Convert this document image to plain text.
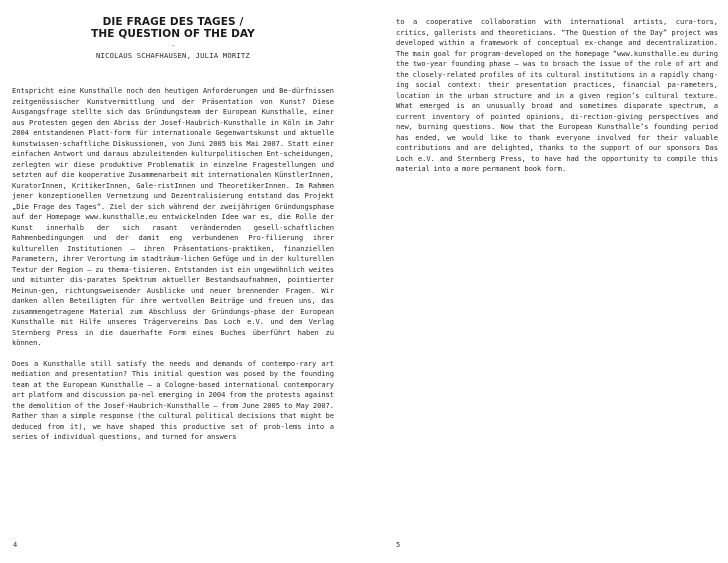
DIE FRAGE DES TAGES /
THE QUESTION OF THE DAY
-
NICOLAUS SCHAFHAUSEN, JULIA MORITZ

Entspricht eine Kunsthalle noch den heutigen Anforderungen und Be-dürfnissen zeitgenössischer Kunstvermittlung und der Präsentation von Kunst? Diese Ausgangsfrage stellte sich das Gründungsteam der European Kunsthalle, einer aus Protesten gegen den Abriss der Josef-Haubrich-Kunsthalle in Köln im Jahr 2004 entstandenen Platt-form für internationale Gegenwartskunst und aktuelle kunstwissen-schaftliche Diskussionen, von Juni 2005 bis Mai 2007. Statt einer einfachen Antwort und daraus abzuleitenden kulturpolitischen Ent-scheidungen, zerlegten wir diese produktive Problematik in einzelne Fragestellungen und setzten auf die kooperative Zusammenarbeit mit internationalen KünstlerInnen, KuratorInnen, KritikerInnen, Gale-ristInnen und TheoretikerInnen. Im Rahmen jener konzeptionellen Vernetzung und Dezentralisierung entstand das Projekt „Die Frage des Tages“. Ziel der sich während der zweijährigen Gründungsphase auf der Homepage www.kunsthalle.eu entwickelnden Idee war es, die Rolle der Kunst innerhalb der sich rasant verändernden gesell-schaftlichen Rahmenbedingungen und der damit eng verbundenen Pro-filierung ihrer kulturellen Institutionen – ihren Präsentations-praktiken, finanziellen Parametern, ihrer Verortung im stadträum-lichen Gefüge und in der kulturellen Textur der Region – zu thema-tisieren. Entstanden ist ein ungewöhnlich weites und mitunter dis-parates Spektrum aktueller Bestandsaufnahmen, pointierter Meinun-gen, richtungsweisender Ausblicke und neuer brennender Fragen. Wir danken allen Beteiligten für ihre wertvollen Beiträge und freuen uns, das zusammengetragene Material zum Abschluss der Gründungs-phase der European Kunsthalle mit Hilfe unseres Trägervereins Das Loch e.V. und dem Verlag Sternberg Press in die dauerhafte Form eines Buches überführt haben zu können.

Does a Kunsthalle still satisfy the needs and demands of contempo-rary art mediation and presentation? This initial question was posed by the founding team at the European Kunsthalle – a Cologne-based international contemporary art platform and discussion pa-nel emerging in 2004 from the protests against the demolition of the Josef-Haubrich-Kunsthalle – from June 2005 to May 2007. Rather than a simple response (the cultural political decisions that might be deduced from it), we have shaped this productive set of prob-lems into a series of individual questions, and turned for answers

4

to a cooperative collaboration with international artists, cura-tors, critics, gallerists and theoreticians. “The Question of the Day” project was developed within a framework of conceptual ex-change and decentralization. The main goal for program-developed on the homepage “www.kunsthalle.eu during the two-year founding phase – was to broach the issue of the role of art and the closely-related profiles of its cultural institutions in a rapidly chang-ing social context: their presentation practices, financial pa-rameters, location in the urban structure and in a given region’s cultural texture. What emerged is an unusually broad and sometimes disparate spectrum, a current inventory of pointed opinions, di-rection-giving perspectives and new, burning questions. Now that the European Kunsthalle’s founding period has ended, we would like to thank everyone involved for their valuable contributions and are delighted, thanks to the support of our sponsors Das Loch e.V. and Sternberg Press, to have had the opportunity to compile this material into a more permanent book form.

5
